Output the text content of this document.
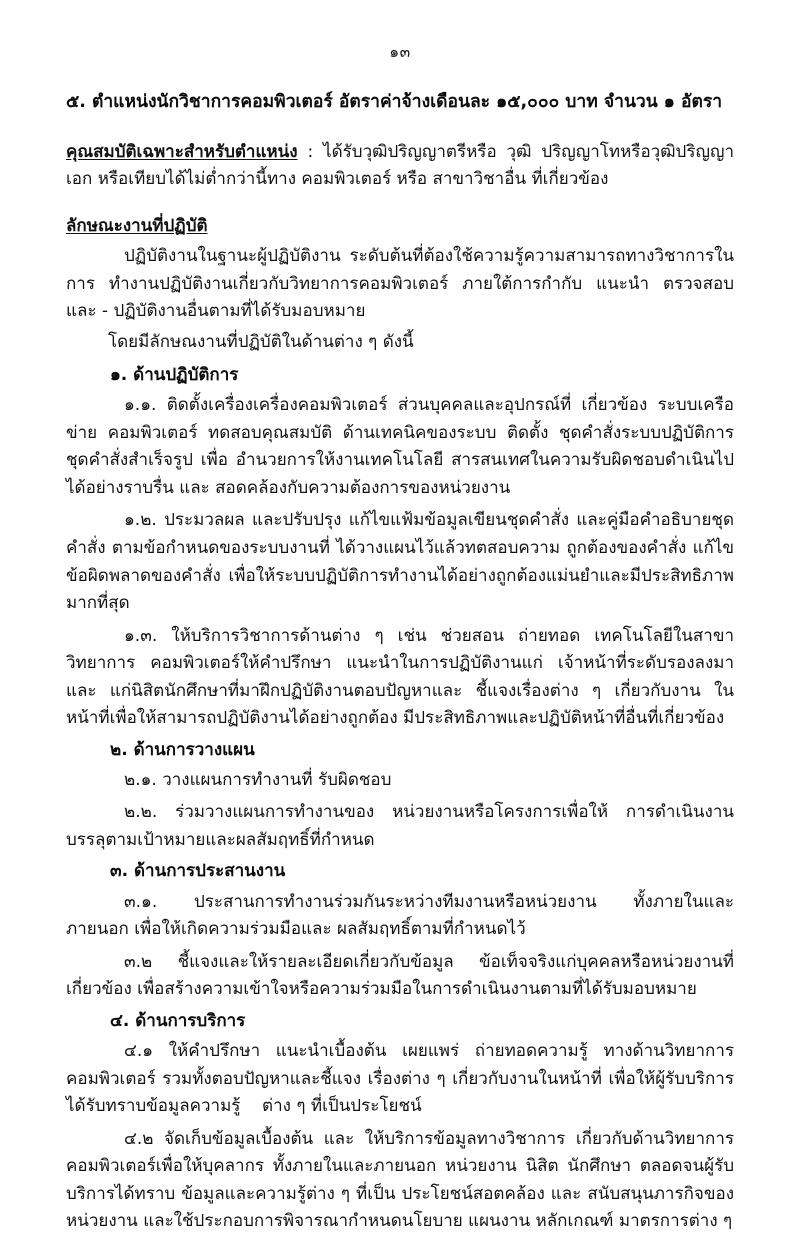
๑๓
๕. ตำแหน่งนักวิชาการคอมพิวเตอร์ อัตราค่าจ้างเดือนละ ๑๕,๐๐๐ บาท จำนวน ๑ อัตรา

คุณสมบัติเฉพาะสำหรับตำแหน่ง : ได้รับวุฒิปริญญาตรีหรือ วุฒิ ปริญญาโทหรือวุฒิปริญญาเอก หรือเทียบได้ไม่ต่ำกว่านี้ทาง คอมพิวเตอร์ หรือ สาขาวิชาอื่น ที่เกี่ยวข้อง

ลักษณะงานที่ปฏิบัติ

ปฏิบัติงานในฐานะผู้ปฏิบัติงาน ระดับต้นที่ต้องใช้ความรู้ความสามารถทางวิชาการในการ ทำงานปฏิบัติงานเกี่ยวกับวิทยาการคอมพิวเตอร์ ภายใต้การกำกับ แนะนำ ตรวจสอบ และ - ปฏิบัติงานอื่นตามที่ได้รับมอบหมาย

โดยมีลักษณงานที่ปฏิบัติในด้านต่าง ๆ ดังนี้

๑. ด้านปฏิบัติการ

๑.๑. ติดตั้งเครื่องเครื่องคอมพิวเตอร์ ส่วนบุคคลและอุปกรณ์ที่ เกี่ยวข้อง ระบบเครือข่าย คอมพิวเตอร์ ทดสอบคุณสมบัติ ด้านเทคนิคของระบบ ติดตั้ง ชุดคำสั่งระบบปฏิบัติการ ชุดคำสั่งสำเร็จรูป เพื่อ อำนวยการให้งานเทคโนโลยี สารสนเทศในความรับผิดชอบดำเนินไปได้อย่างราบรื่น และ สอดคล้องกับความต้องการของหน่วยงาน

๑.๒. ประมวลผล และปรับปรุง แก้ไขแฟ้มข้อมูลเขียนชุดคำสั่ง และคู่มือคำอธิบายชุดคำสั่ง ตามข้อกำหนดของระบบงานที่ ได้วางแผนไว้แล้วทตสอบความ ถูกต้องของคำสั่ง แก้ไข ข้อผิดพลาดของคำสั่ง เพื่อให้ระบบปฏิบัติการทำงานได้อย่างถูกต้องแม่นยำและมีประสิทธิภาพมากที่สุด

๑.๓. ให้บริการวิชาการด้านต่าง ๆ เช่น ช่วยสอน ถ่ายทอด เทคโนโลยีในสาขาวิทยาการ คอมพิวเตอร์ให้คำปรึกษา แนะนำในการปฏิบัติงานแก่ เจ้าหน้าที่ระดับรองลงมาและ แก่นิสิตนักศึกษาที่มาฝึกปฏิบัติงานตอบปัญหาและ ชี้แจงเรื่องต่าง ๆ เกี่ยวกับงาน ในหน้าที่เพื่อให้สามารถปฏิบัติงานได้อย่างถูกต้อง มีประสิทธิภาพและปฏิบัติหน้าที่อื่นที่เกี่ยวข้อง

๒. ด้านการวางแผน

๒.๑. วางแผนการทำงานที่ รับผิดชอบ

๒.๒. ร่วมวางแผนการทำงานของ หน่วยงานหรือโครงการเพื่อให้ การดำเนินงานบรรลุตามเป้าหมายและผลสัมฤทธิ์ที่กำหนด

๓. ด้านการประสานงาน

๓.๑. ประสานการทำงานร่วมกันระหว่างทีมงานหรือหน่วยงาน ทั้งภายในและภายนอก เพื่อให้เกิดความร่วมมือและ ผลสัมฤทธิ์ตามที่กำหนดไว้

๓.๒ ชี้แจงและให้รายละเอียดเกี่ยวกับข้อมูล ข้อเท็จจริงแก่บุคคลหรือหน่วยงานที่เกี่ยวข้อง เพื่อสร้างความเข้าใจหรือความร่วมมือในการดำเนินงานตามที่ได้รับมอบหมาย

๔. ด้านการบริการ

๔.๑ ให้คำปรึกษา แนะนำเบื้องต้น เผยแพร่ ถ่ายทอดความรู้ ทางด้านวิทยาการคอมพิวเตอร์ รวมทั้งตอบปัญหาและชี้แจง เรื่องต่าง ๆ เกี่ยวกับงานในหน้าที่ เพื่อให้ผู้รับบริการได้รับทราบข้อมูลความรู้    ต่าง ๆ ที่เป็นประโยชน์

๔.๒ จัดเก็บข้อมูลเบื้องต้น และ ให้บริการข้อมูลทางวิชาการ เกี่ยวกับด้านวิทยาการ คอมพิวเตอร์เพื่อให้บุคลากร ทั้งภายในและภายนอก หน่วยงาน นิสิต นักศึกษา ตลอดจนผู้รับบริการได้ทราบ ข้อมูลและความรู้ต่าง ๆ ที่เป็น ประโยชน์สอตคล้อง และ สนับสนุนภารกิจของหน่วยงาน และใช้ประกอบการพิจารณากำหนดนโยบาย แผนงาน หลักเกณฑ์ มาตรการต่าง ๆ
